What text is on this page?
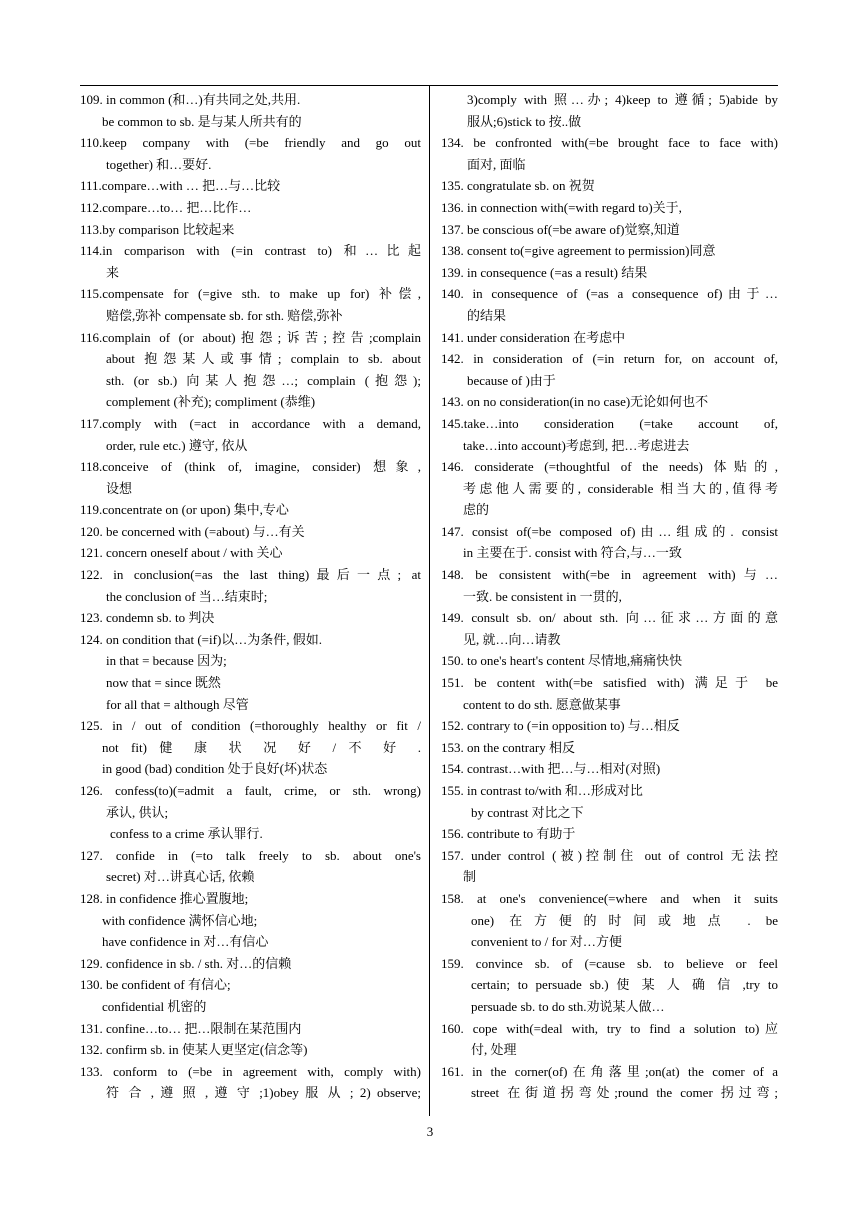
109. in common (和…)有共同之处,共用.
be common to sb. 是与某人所共有的
110.keep company with (=be friendly and go out
together) 和…要好.
111.compare…with … 把…与…比较
112.compare…to… 把…比作…
113.by comparison 比较起来
114.in comparison with (=in contrast to) 和…比起
来
115.compensate for (=give sth. to make up for) 补偿,
赔偿,弥补 compensate sb. for sth. 赔偿,弥补
116.complain of (or about)抱怨;诉苦;控告;complain
about 抱怨某人或事情; complain to sb. about
sth. (or sb.) 向某人抱怨…; complain (抱怨);
complement (补充); compliment (恭维)
117.comply with (=act in accordance with a demand,
order, rule etc.) 遵守, 依从
118.conceive of (think of, imagine, consider) 想象,
设想
119.concentrate on (or upon) 集中,专心
120. be concerned with (=about) 与…有关
121. concern oneself about / with 关心
122. in conclusion(=as the last thing)最后一点; at
the conclusion of 当…结束时;
123. condemn sb. to 判决
124. on condition that (=if)以…为条件, 假如.
in that = because 因为;
now that = since 既然
for all that = although 尽管
125. in / out of condition (=thoroughly healthy or fit /
not fit) 健 康 状 况 好 / 不 好 .
in good (bad) condition 处于良好(坏)状态
126. confess(to)(=admit a fault, crime, or sth. wrong)
承认, 供认;
confess to a crime 承认罪行.
127. confide in (=to talk freely to sb. about one's
secret) 对…讲真心话, 依赖
128. in confidence 推心置腹地;
with confidence 满怀信心地;
have confidence in 对…有信心
129. confidence in sb. / sth. 对…的信赖
130. be confident of 有信心;
confidential 机密的
131. confine…to… 把…限制在某范围内
132. confirm sb. in 使某人更坚定(信念等)
133. conform to (=be in agreement with, comply with)
符 合 , 遵 照 , 遵 守 ;1)obey 服 从 ; 2) observe;
3)comply with 照…办; 4)keep to 遵循; 5)abide by
服从;6)stick to 按..做
134. be confronted with(=be brought face to face with)
面对, 面临
135. congratulate sb. on 祝贺
136. in connection with(=with regard to)关于,
137. be conscious of(=be aware of)觉察,知道
138. consent to(=give agreement to permission)同意
139. in consequence (=as a result) 结果
140. in consequence of (=as a consequence of)由于…
的结果
141. under consideration 在考虑中
142. in consideration of (=in return for, on account of,
because of )由于
143. on no consideration(in no case)无论如何也不
145.take…into consideration (=take account of,
take…into account)考虑到, 把…考虑进去
146. considerate (=thoughtful of the needs) 体贴的,
考虑他人需要的, considerable 相当大的,值得考
虑的
147. consist of(=be composed of)由…组成的. consist
in 主要在于. consist with 符合,与…一致
148. be consistent with(=be in agreement with)与…
一致. be consistent in 一贯的,
149. consult sb. on/ about sth. 向…征求…方面的意
见, 就…向…请教
150. to one's heart's content 尽情地,痛痛快快
151. be content with(=be satisfied with) 满足于 be
content to do sth. 愿意做某事
152. contrary to (=in opposition to) 与…相反
153. on the contrary 相反
154. contrast…with 把…与…相对(对照)
155. in contrast to/with 和…形成对比
by contrast 对比之下
156. contribute to 有助于
157. under control (被)控制住 out of control 无法控
制
158. at one's convenience(=where and when it suits
one) 在方便的时间或地点 . be
convenient to / for 对…方便
159. convince sb. of (=cause sb. to believe or feel
certain; to persuade sb.) 使 某 人 确 信 ,try to
persuade sb. to do sth.劝说某人做…
160. cope with(=deal with, try to find a solution to)应
付, 处理
161. in the corner(of)在角落里;on(at) the comer of a
street 在街道拐弯处;round the comer 拐过弯;
3
